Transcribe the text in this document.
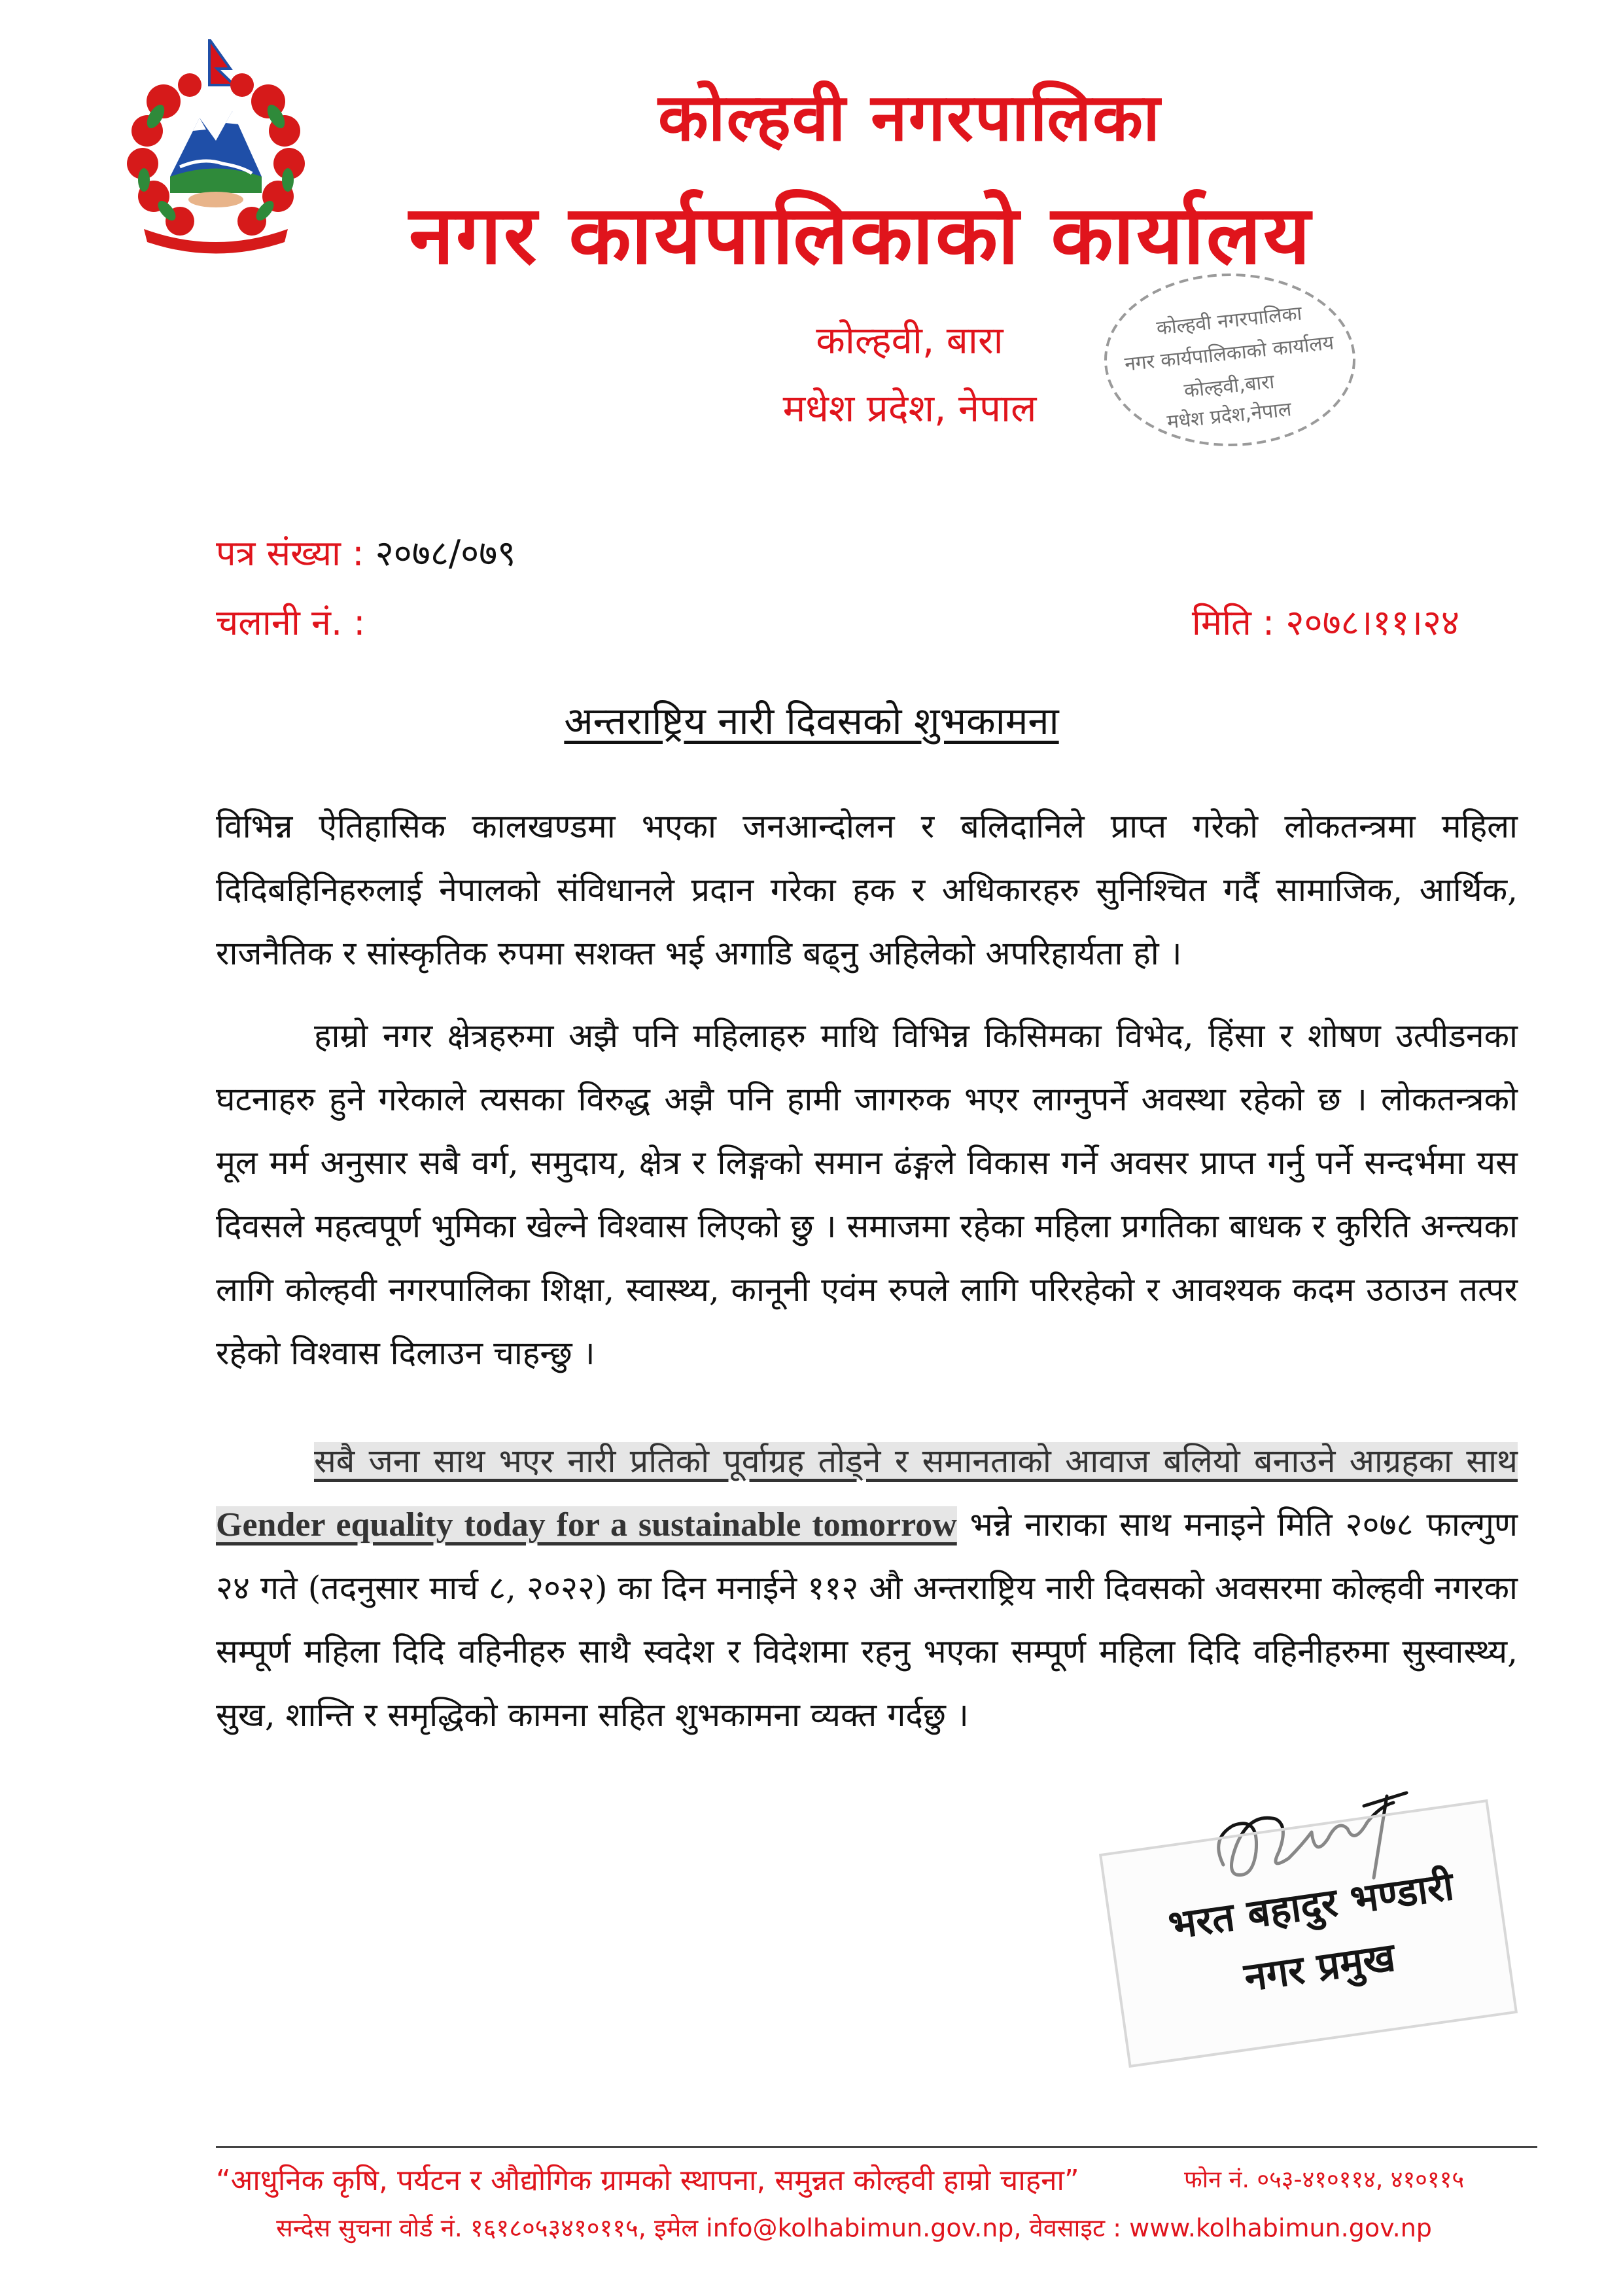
कोल्हवी नगरपालिका
नगर कार्यपालिकाको कार्यालय
कोल्हवी, बारा
मधेश प्रदेश, नेपाल
कोल्हवी नगरपालिका
नगर कार्यपालिकाको कार्यालय
कोल्हवी,बारा
मधेश प्रदेश,नेपाल
पत्र संख्या : २०७८/०७९
चलानी नं. :	मिति : २०७८।११।२४
अन्तराष्ट्रिय नारी दिवसको शुभकामना
विभिन्न ऐतिहासिक कालखण्डमा भएका जनआन्दोलन र बलिदानिले प्राप्त गरेको लोकतन्त्रमा महिला दिदिबहिनिहरुलाई नेपालको संविधानले प्रदान गरेका हक र अधिकारहरु सुनिश्चित गर्दै सामाजिक, आर्थिक, राजनैतिक र सांस्कृतिक रुपमा सशक्त भई अगाडि बढ्नु अहिलेको अपरिहार्यता हो ।
हाम्रो नगर क्षेत्रहरुमा अझै पनि महिलाहरु माथि विभिन्न किसिमका विभेद, हिंसा र शोषण उत्पीडनका घटनाहरु हुने गरेकाले त्यसका विरुद्ध अझै पनि हामी जागरुक भएर लाग्नुपर्ने अवस्था रहेको छ । लोकतन्त्रको मूल मर्म अनुसार सबै वर्ग, समुदाय, क्षेत्र र लिङ्गको समान ढंङ्गले विकास गर्ने अवसर प्राप्त गर्नु पर्ने सन्दर्भमा यस दिवसले महत्वपूर्ण भुमिका खेल्ने विश्वास लिएको छु । समाजमा रहेका महिला प्रगतिका बाधक र कुरिति अन्त्यका लागि कोल्हवी नगरपालिका शिक्षा, स्वास्थ्य, कानूनी एवंम रुपले लागि परिरहेको र आवश्यक कदम उठाउन तत्पर रहेको विश्वास दिलाउन चाहन्छु ।
सबै जना साथ भएर नारी प्रतिको पूर्वाग्रह तोड्ने र समानताको आवाज बलियो बनाउने आग्रहका साथ Gender equality today for a sustainable tomorrow भन्ने नाराका साथ मनाइने मिति २०७८ फाल्गुण २४ गते (तदनुसार मार्च ८, २०२२) का दिन मनाईने ११२ औ अन्तराष्ट्रिय नारी दिवसको अवसरमा कोल्हवी नगरका सम्पूर्ण महिला दिदि वहिनीहरु साथै स्वदेश र विदेशमा रहनु भएका सम्पूर्ण महिला दिदि वहिनीहरुमा सुस्वास्थ्य, सुख, शान्ति र समृद्धिको कामना सहित शुभकामना व्यक्त गर्दछु ।
भरत बहादुर भण्डारी
नगर प्रमुख
“आधुनिक कृषि, पर्यटन र औद्योगिक ग्रामको स्थापना, समुन्नत कोल्हवी हाम्रो चाहना”	फोन नं. ०५३-४१०११४, ४१०११५
सन्देस सुचना वोर्ड नं. १६१८०५३४१०११५, इमेल info@kolhabimun.gov.np, वेवसाइट : www.kolhabimun.gov.np
